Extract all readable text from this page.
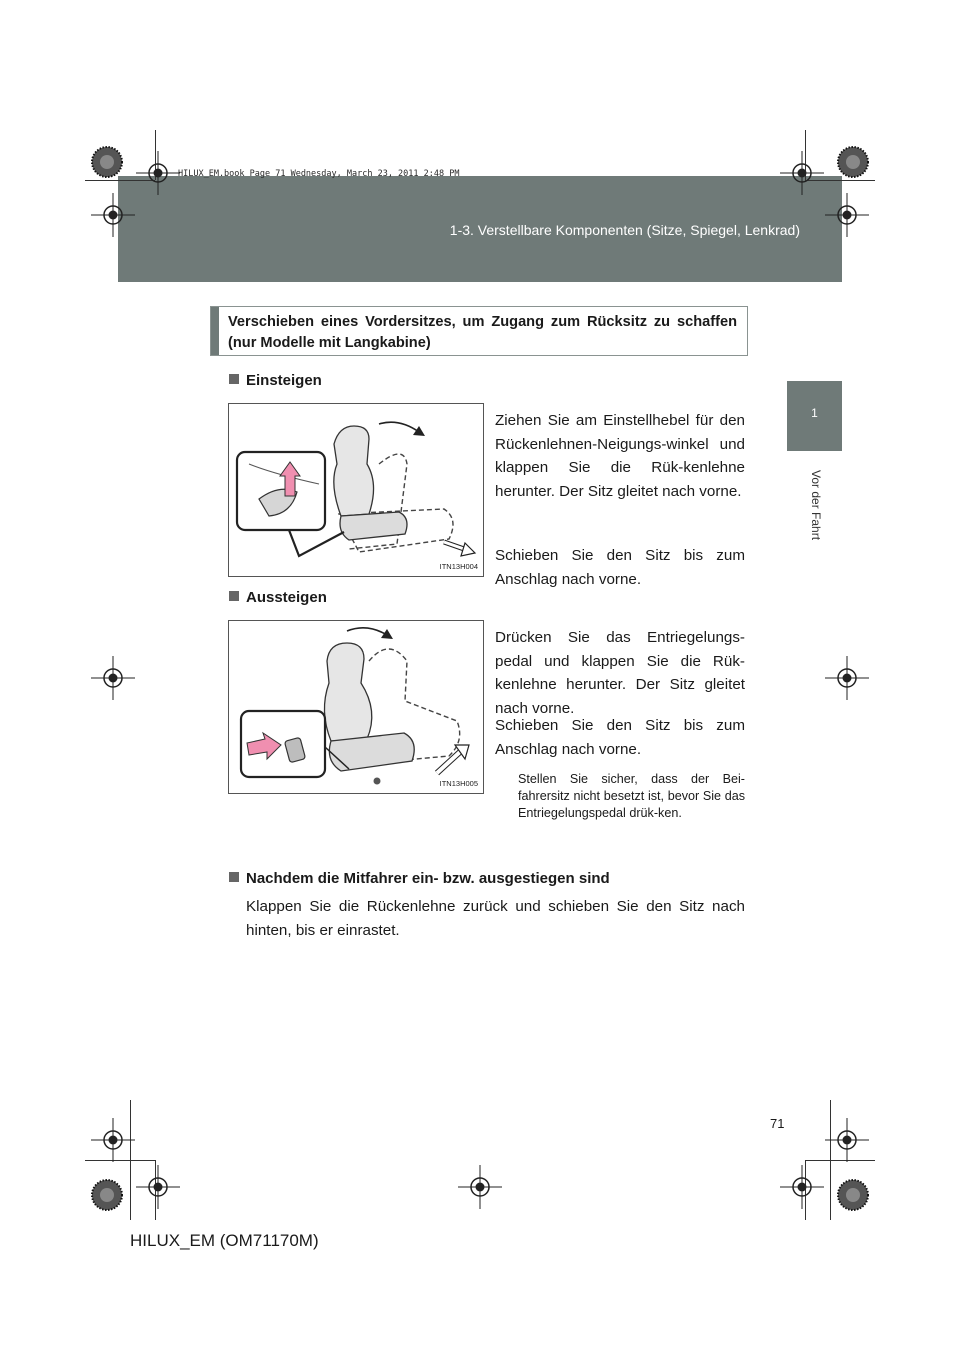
1-3. Verstellbare Komponenten (Sitze, Spiegel, Lenkrad)
HILUX_EM.book Page 71 Wednesday, March 23, 2011 2:48 PM
1
Vor der Fahrt
Verschieben eines Vordersitzes, um Zugang zum Rücksitz zu schaffen (nur Modelle mit Langkabine)
Einsteigen
ITN13H004
Ziehen Sie am Einstellhebel für den Rückenlehnen-Neigungs-winkel und klappen Sie die Rük-kenlehne herunter. Der Sitz gleitet nach vorne.
Schieben Sie den Sitz bis zum Anschlag nach vorne.
Aussteigen
ITN13H005
Drücken Sie das Entriegelungs-pedal und klappen Sie die Rük-kenlehne herunter. Der Sitz gleitet nach vorne.
Schieben Sie den Sitz bis zum Anschlag nach vorne.
Stellen Sie sicher, dass der Bei-fahrersitz nicht besetzt ist, bevor Sie das Entriegelungspedal drük-ken.
Nachdem die Mitfahrer ein- bzw. ausgestiegen sind
Klappen Sie die Rückenlehne zurück und schieben Sie den Sitz nach hinten, bis er einrastet.
71
HILUX_EM (OM71170M)
